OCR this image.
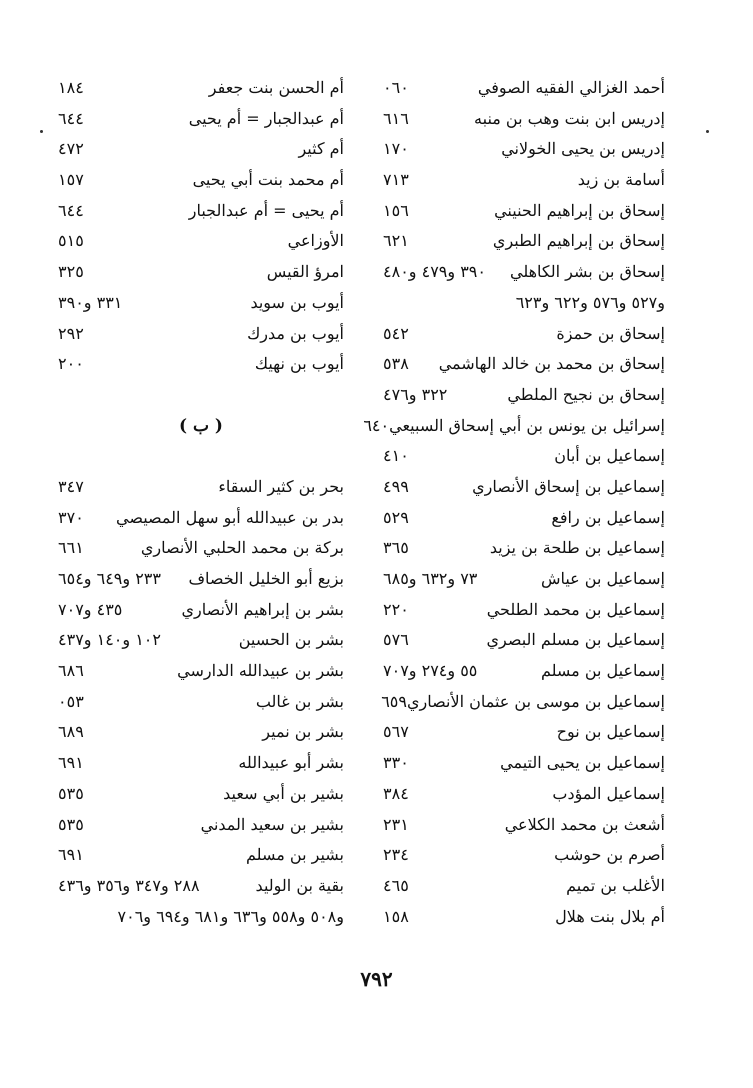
أحمد الغزالي الفقيه الصوفي
٠٦٠
إدريس ابن بنت وهب بن منبه
٦١٦
إدريس بن يحيى الخولاني
١٧٠
أسامة بن زيد
٧١٣
إسحاق بن إبراهيم الحنيني
١٥٦
إسحاق بن إبراهيم الطبري
٦٢١
إسحاق بن بشر الكاهلي
٣٩٠ و٤٧٩ و٤٨٠
و٥٢٧ و٥٧٦ و٦٢٢ و٦٢٣
إسحاق بن حمزة
٥٤٢
إسحاق بن محمد بن خالد الهاشمي
٥٣٨
إسحاق بن نجيح الملطي
٣٢٢ و٤٧٦
إسرائيل بن يونس بن أبي إسحاق السبيعي
٦٤٠
إسماعيل بن أبان
٤١٠
إسماعيل بن إسحاق الأنصاري
٤٩٩
إسماعيل بن رافع
٥٢٩
إسماعيل بن طلحة بن يزيد
٣٦٥
إسماعيل بن عياش
٧٣ و٦٣٢ و٦٨٥
إسماعيل بن محمد الطلحي
٢٢٠
إسماعيل بن مسلم البصري
٥٧٦
إسماعيل بن مسلم
٥٥ و٢٧٤ و٧٠٧
إسماعيل بن موسى بن عثمان الأنصاري
٦٥٩
إسماعيل بن نوح
٥٦٧
إسماعيل بن يحيى التيمي
٣٣٠
إسماعيل المؤدب
٣٨٤
أشعث بن محمد الكلاعي
٢٣١
أصرم بن حوشب
٢٣٤
الأغلب بن تميم
٤٦٥
أم بلال بنت هلال
١٥٨
أم الحسن بنت جعفر
١٨٤
أم عبدالجبار = أم يحيى
٦٤٤
أم كثير
٤٧٢
أم محمد بنت أبي يحيى
١٥٧
أم يحيى = أم عبدالجبار
٦٤٤
الأوزاعي
٥١٥
امرؤ القيس
٣٢٥
أيوب بن سويد
٣٣١ و٣٩٠
أيوب بن مدرك
٢٩٢
أيوب بن نهيك
٢٠٠
( ب )
بحر بن كثير السقاء
٣٤٧
بدر بن عبيدالله أبو سهل المصيصي
٣٧٠
بركة بن محمد الحلبي الأنصاري
٦٦١
بزيع أبو الخليل الخصاف
٢٣٣ و٦٤٩ و٦٥٤
بشر بن إبراهيم الأنصاري
٤٣٥ و٧٠٧
بشر بن الحسين
١٠٢ و١٤٠ و٤٣٧
بشر بن عبيدالله الدارسي
٦٨٦
بشر بن غالب
٠٥٣
بشر بن نمير
٦٨٩
بشر أبو عبيدالله
٦٩١
بشير بن أبي سعيد
٥٣٥
بشير بن سعيد المدني
٥٣٥
بشير بن مسلم
٦٩١
بقية بن الوليد
٢٨٨ و٣٤٧ و٣٥٦ و٤٣٦
و٥٠٨ و٥٥٨ و٦٣٦ و٦٨١ و٦٩٤ و٧٠٦
٧٩٢
